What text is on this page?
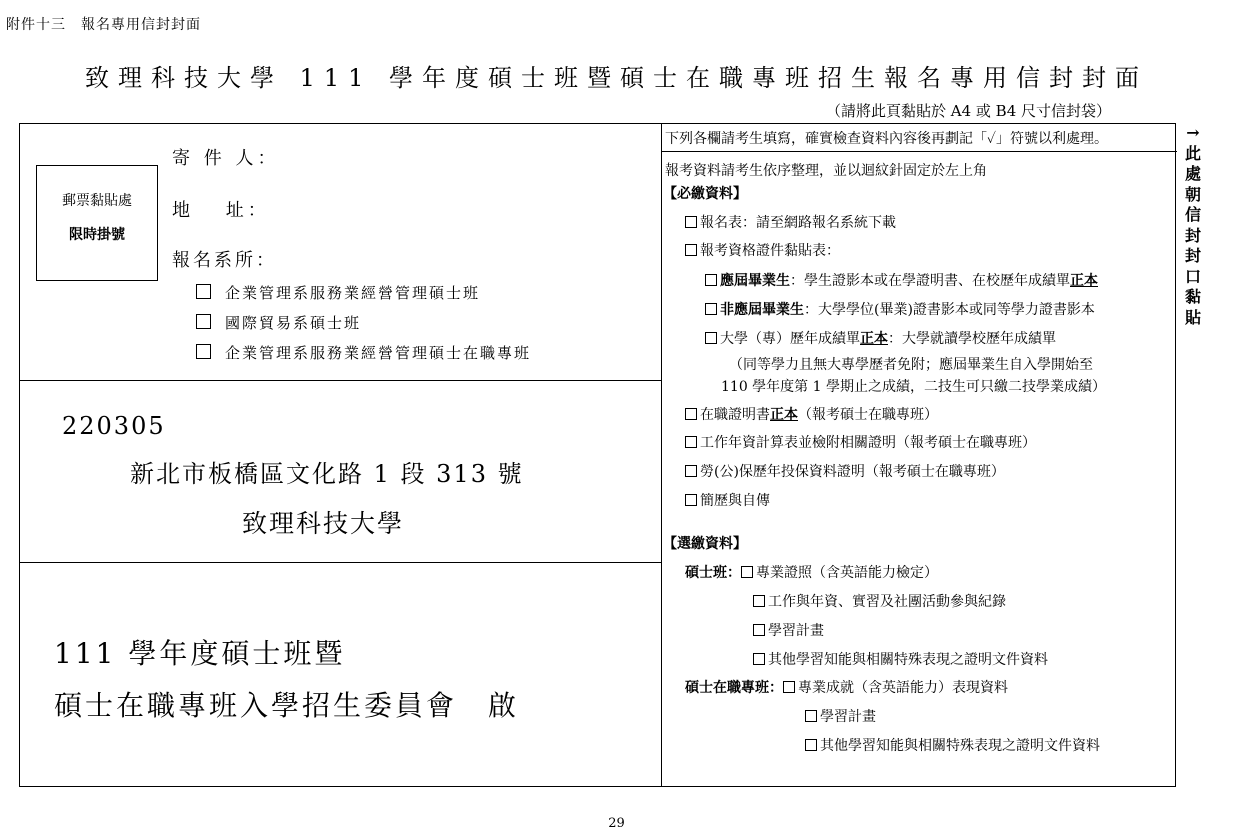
附件十三　報名專用信封封面
致理科技大學 111 學年度碩士班暨碩士在職專班招生報名專用信封封面
（請將此頁黏貼於 A4 或 B4 尺寸信封袋）
郵票黏貼處
限時掛號
寄 件 人：
地　 址：
報名系所：
企業管理系服務業經營管理碩士班
國際貿易系碩士班
企業管理系服務業經營管理碩士在職專班
220305
新北市板橋區文化路 1 段 313 號
致理科技大學
111 學年度碩士班暨
碩士在職專班入學招生委員會　啟
下列各欄請考生填寫，確實檢查資料內容後再劃記「✓」符號以利處理。
報考資料請考生依序整理，並以迴紋針固定於左上角
【必繳資料】
報名表：請至網路報名系統下載
報考資格證件黏貼表：
應屆畢業生：學生證影本或在學證明書、在校歷年成績單正本
非應屆畢業生：大學學位(畢業)證書影本或同等學力證書影本
大學（專）歷年成績單正本：大學就讀學校歷年成績單
（同等學力且無大專學歷者免附；應屆畢業生自入學開始至
110 學年度第 1 學期止之成績，二技生可只繳二技學業成績）
在職證明書正本（報考碩士在職專班）
工作年資計算表並檢附相關證明（報考碩士在職專班）
勞(公)保歷年投保資料證明（報考碩士在職專班）
簡歷與自傳
【選繳資料】
碩士班： 專業證照（含英語能力檢定）
工作與年資、實習及社團活動參與紀錄
學習計畫
其他學習知能與相關特殊表現之證明文件資料
碩士在職專班： 專業成就（含英語能力）表現資料
學習計畫
其他學習知能與相關特殊表現之證明文件資料
→此處朝信封封口黏貼
29
